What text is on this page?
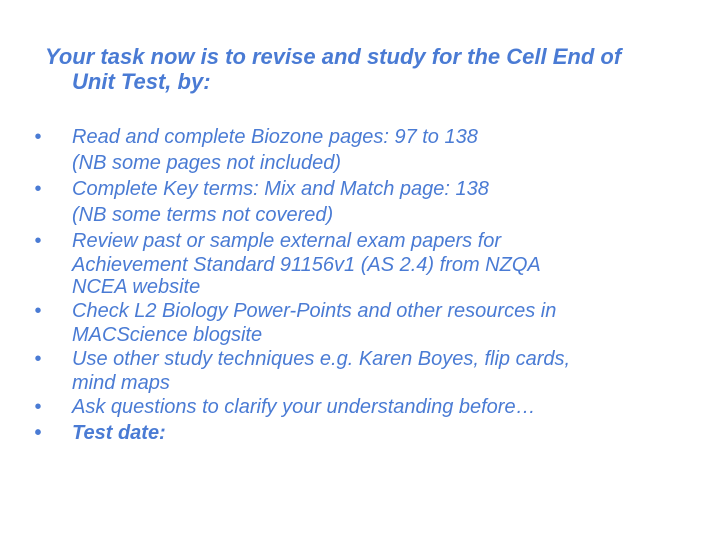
Your task now is to revise and study for the Cell End of
Unit Test, by:
•	Read and complete Biozone pages: 97 to 138
(NB some pages not included)
•	Complete Key terms: Mix and Match page: 138
(NB some terms not covered)
•	Review past or sample external exam papers for
Achievement Standard 91156v1 (AS 2.4) from NZQA
NCEA website
•	Check L2 Biology Power-Points and other resources in
MACScience blogsite
•	Use other study techniques e.g. Karen Boyes, flip cards,
mind maps
•	Ask questions to clarify your understanding before…
•	Test date:
